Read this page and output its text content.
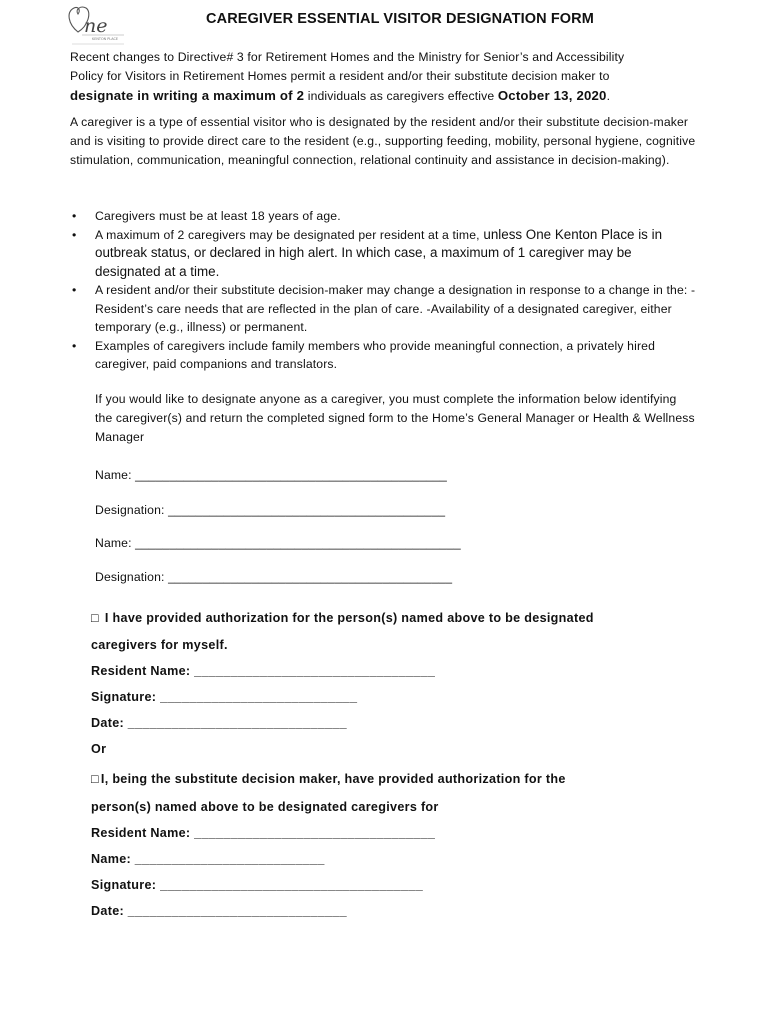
ne
KENTON PLACE
CAREGIVER ESSENTIAL VISITOR DESIGNATION FORM
Recent changes to Directive# 3 for Retirement Homes and the Ministry for Senior’s and Accessibility
Policy for Visitors in Retirement Homes permit a resident and/or their substitute decision maker to
designate in writing a maximum of 2 individuals as caregivers effective October 13, 2020.
A caregiver is a type of essential visitor who is designated by the resident and/or their substitute decision-maker and is visiting to provide direct care to the resident (e.g., supporting feeding, mobility, personal hygiene, cognitive stimulation, communication, meaningful connection, relational continuity and assistance in decision-making).
• Caregivers must be at least 18 years of age.
• A maximum of 2 caregivers may be designated per resident at a time, unless One Kenton Place is in outbreak status, or declared in high alert. In which case, a maximum of 1 caregiver may be designated at a time.
• A resident and/or their substitute decision-maker may change a designation in response to a change in the: - Resident’s care needs that are reflected in the plan of care. -Availability of a designated caregiver, either temporary (e.g., illness) or permanent.
• Examples of caregivers include family members who provide meaningful connection, a privately hired caregiver, paid companions and translators.
If you would like to designate anyone as a caregiver, you must complete the information below identifying the caregiver(s) and return the completed signed form to the Home’s General Manager or Health & Wellness Manager
Name: _____________________________________________
Designation: ________________________________________
Name: _______________________________________________
Designation: _________________________________________
□ I have provided authorization for the person(s) named above to be designated
caregivers for myself.
Resident Name: _________________________________
Signature: ___________________________
Date: ______________________________
Or
□ I, being the substitute decision maker, have provided authorization for the
person(s) named above to be designated caregivers for
Resident Name: _________________________________
Name: __________________________
Signature: ____________________________________
Date: ______________________________
